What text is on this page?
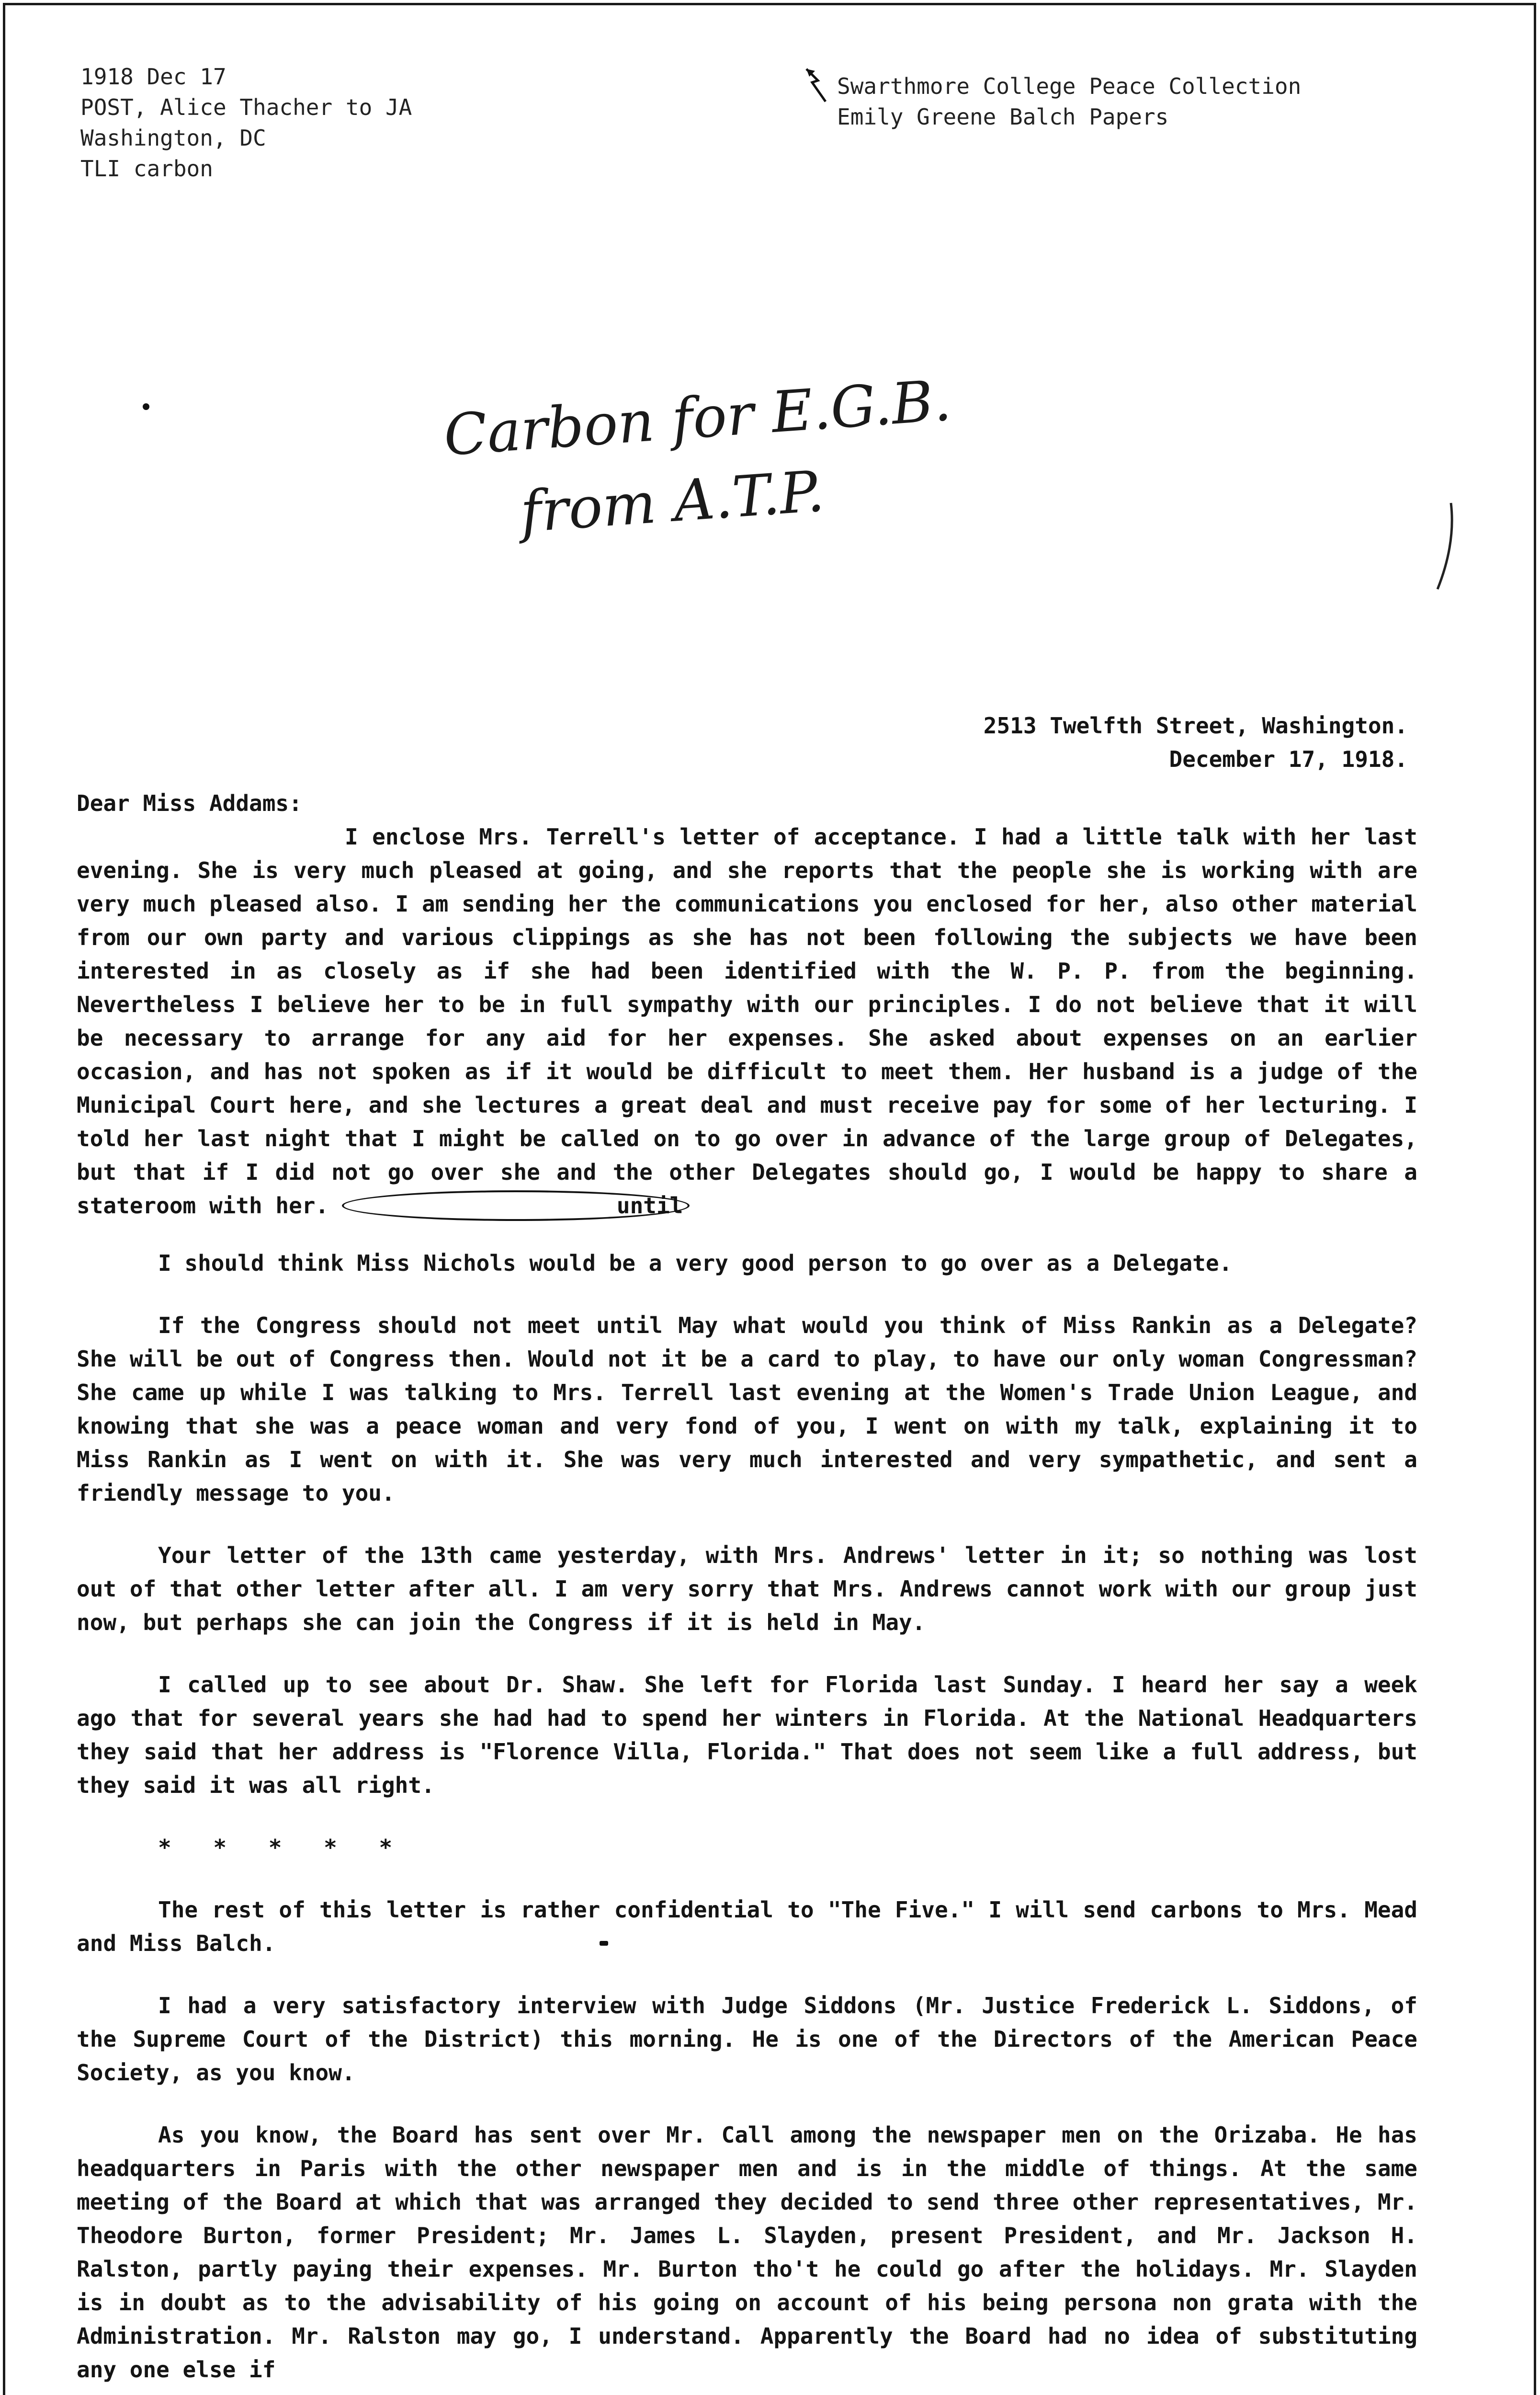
1918 Dec 17
POST, Alice Thacher to JA
Washington, DC
TLI carbon
Swarthmore College Peace Collection
Emily Greene Balch Papers
Carbon for E.G.B.
from A.T.P.
2513 Twelfth Street, Washington.
December 17, 1918.
Dear Miss Addams:

I enclose Mrs. Terrell's letter of acceptance. I had a little talk with her last evening. She is very much pleased at going, and she reports that the people she is working with are very much pleased also. I am sending her the communications you enclosed for her, also other material from our own party and various clippings as she has not been following the subjects we have been interested in as closely as if she had been identified with the W. P. P. from the beginning. Nevertheless I believe her to be in full sympathy with our principles. I do not believe that it will be necessary to arrange for any aid for her expenses. She asked about expenses on an earlier occasion, and has not spoken as if it would be difficult to meet them. Her husband is a judge of the Municipal Court here, and she lectures a great deal and must receive pay for some of her lecturing. I told her last night that I might be called on to go over in advance of the large group of Delegates, but that if I did not go over she and the other Delegates should go, I would be happy to share a stateroom with her.	until

I should think Miss Nichols would be a very good person to go over as a Delegate.

If the Congress should not meet until May what would you think of Miss Rankin as a Delegate? She will be out of Congress then. Would not it be a card to play, to have our only woman Congressman? She came up while I was talking to Mrs. Terrell last evening at the Women's Trade Union League, and knowing that she was a peace woman and very fond of you, I went on with my talk, explaining it to Miss Rankin as I went on with it. She was very much interested and very sympathetic, and sent a friendly message to you.

Your letter of the 13th came yesterday, with Mrs. Andrews' letter in it; so nothing was lost out of that other letter after all. I am very sorry that Mrs. Andrews cannot work with our group just now, but perhaps she can join the Congress if it is held in May.

I called up to see about Dr. Shaw. She left for Florida last Sunday. I heard her say a week ago that for several years she had had to spend her winters in Florida. At the National Headquarters they said that her address is "Florence Villa, Florida." That does not seem like a full address, but they said it was all right.

* * * * *

The rest of this letter is rather confidential to "The Five." I will send carbons to Mrs. Mead and Miss Balch.

I had a very satisfactory interview with Judge Siddons (Mr. Justice Frederick L. Siddons, of the Supreme Court of the District) this morning. He is one of the Directors of the American Peace Society, as you know.

As you know, the Board has sent over Mr. Call among the newspaper men on the Orizaba. He has headquarters in Paris with the other newspaper men and is in the middle of things. At the same meeting of the Board at which that was arranged they decided to send three other representatives, Mr. Theodore Burton, former President; Mr. James L. Slayden, present President, and Mr. Jackson H. Ralston, partly paying their expenses. Mr. Burton tho't he could go after the holidays. Mr. Slayden is in doubt as to the advisability of his going on account of his being persona non grata with the Administration. Mr. Ralston may go, I understand. Apparently the Board had no idea of substituting any one else if
